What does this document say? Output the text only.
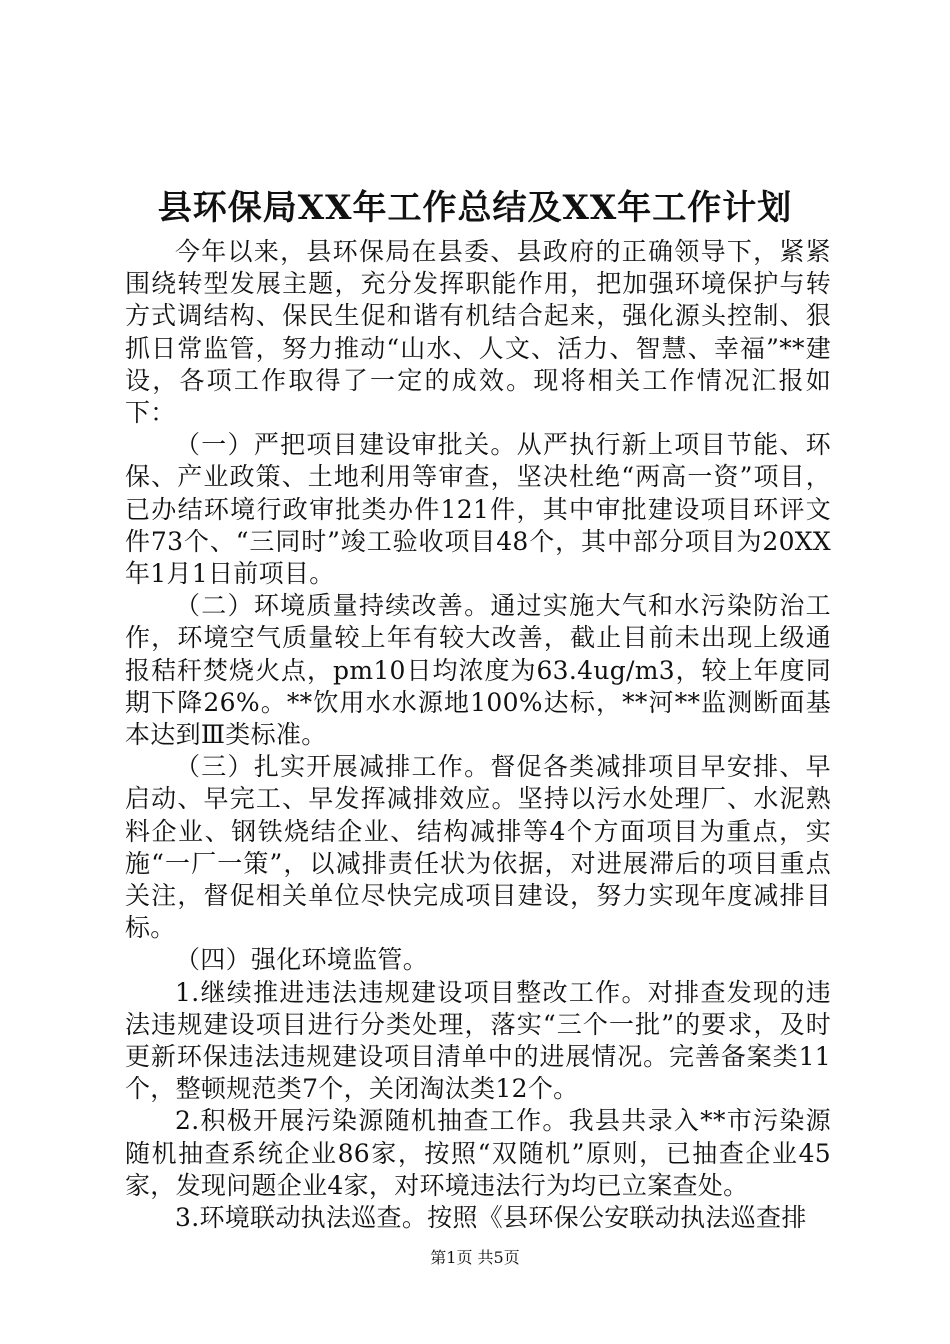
县环保局XX年工作总结及XX年工作计划

今年以来，县环保局在县委、县政府的正确领导下，紧紧围绕转型发展主题，充分发挥职能作用，把加强环境保护与转方式调结构、保民生促和谐有机结合起来，强化源头控制、狠抓日常监管，努力推动“山水、人文、活力、智慧、幸福”**建设，各项工作取得了一定的成效。现将相关工作情况汇报如下：

（一）严把项目建设审批关。从严执行新上项目节能、环保、产业政策、土地利用等审查，坚决杜绝“两高一资”项目，已办结环境行政审批类办件121件，其中审批建设项目环评文件73个、“三同时”竣工验收项目48个，其中部分项目为20XX年1月1日前项目。

（二）环境质量持续改善。通过实施大气和水污染防治工作，环境空气质量较上年有较大改善，截止目前未出现上级通报秸秆焚烧火点，pm10日均浓度为63.4ug/m3，较上年度同期下降26%。**饮用水水源地100%达标，**河**监测断面基本达到Ⅲ类标准。

（三）扎实开展减排工作。督促各类减排项目早安排、早启动、早完工、早发挥减排效应。坚持以污水处理厂、水泥熟料企业、钢铁烧结企业、结构减排等4个方面项目为重点，实施“一厂一策”，以减排责任状为依据，对进展滞后的项目重点关注，督促相关单位尽快完成项目建设，努力实现年度减排目标。

（四）强化环境监管。

1.继续推进违法违规建设项目整改工作。对排查发现的违法违规建设项目进行分类处理，落实“三个一批”的要求，及时更新环保违法违规建设项目清单中的进展情况。完善备案类11个，整顿规范类7个，关闭淘汰类12个。

2.积极开展污染源随机抽查工作。我县共录入**市污染源随机抽查系统企业86家，按照“双随机”原则，已抽查企业45家，发现问题企业4家，对环境违法行为均已立案查处。

3.环境联动执法巡查。按照《县环保公安联动执法巡查排

第1页 共5页
